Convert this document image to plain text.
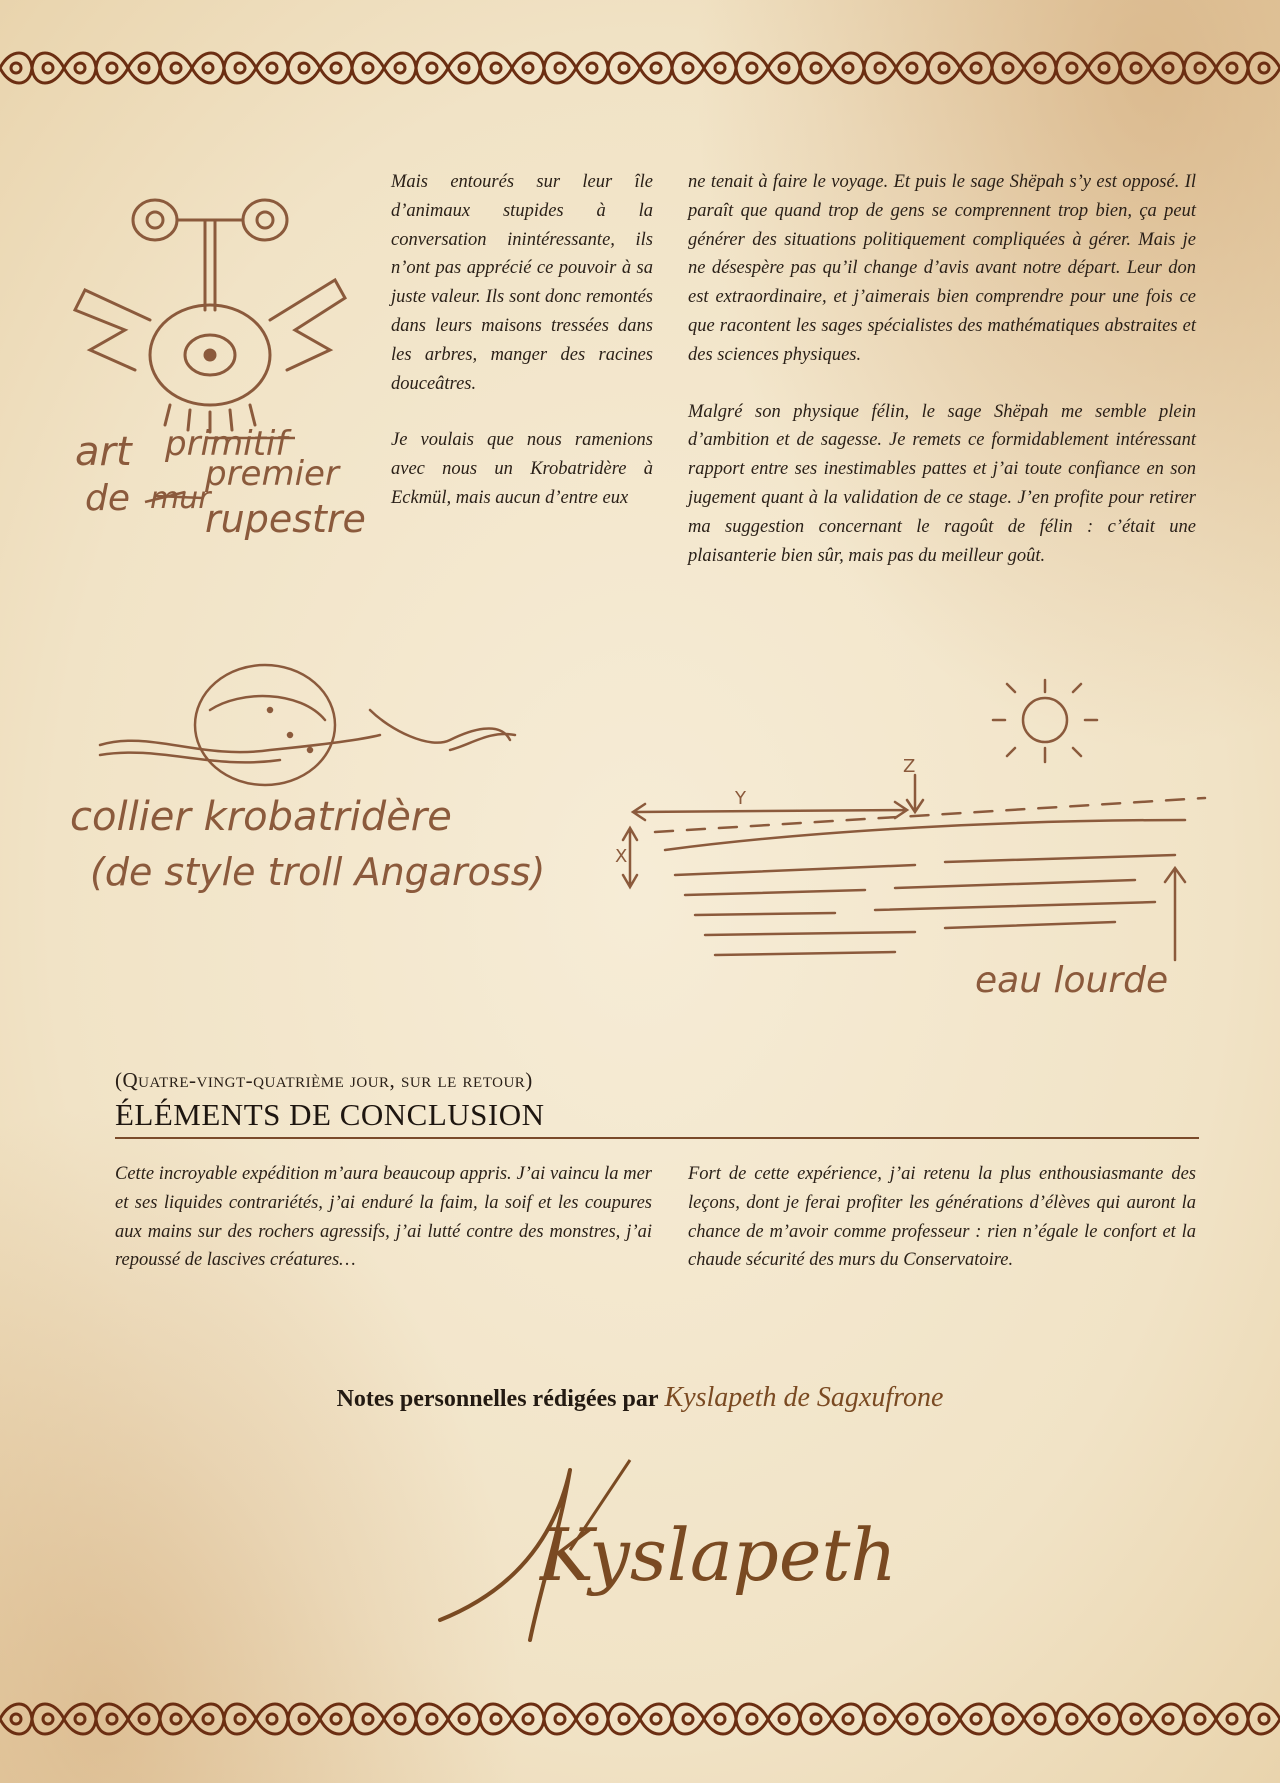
Mais entourés sur leur île d’animaux stupides à la conversation inintéressante, ils n’ont pas apprécié ce pouvoir à sa juste valeur. Ils sont donc remontés dans leurs maisons tressées dans les arbres, manger des racines douceâtres.

Je voulais que nous ramenions avec nous un Krobatridère à Eckmül, mais aucun d’entre eux

ne tenait à faire le voyage. Et puis le sage Shëpah s’y est opposé. Il paraît que quand trop de gens se comprennent trop bien, ça peut générer des situations politiquement compliquées à gérer. Mais je ne désespère pas qu’il change d’avis avant notre départ. Leur don est extraordinaire, et j’aimerais bien comprendre pour une fois ce que racontent les sages spécialistes des mathématiques abstraites et des sciences physiques.

Malgré son physique félin, le sage Shëpah me semble plein d’ambition et de sagesse. Je remets ce formidablement intéressant rapport entre ses inestimables pattes et j’ai toute confiance en son jugement quant à la validation de ce stage. J’en profite pour retirer ma suggestion concernant le ragoût de félin : c’était une plaisanterie bien sûr, mais pas du meilleur goût.

art primitif
premier
de mur
rupestre
collier krobatridère
(de style troll Angaross)
Z
Y
X
eau lourde
(Quatre-vingt-quatrième jour, sur le retour)
ÉLÉMENTS DE CONCLUSION

Cette incroyable expédition m’aura beaucoup appris. J’ai vaincu la mer et ses liquides contrariétés, j’ai enduré la faim, la soif et les coupures aux mains sur des rochers agressifs, j’ai lutté contre des monstres, j’ai repoussé de lascives créatures…

Fort de cette expérience, j’ai retenu la plus enthousiasmante des leçons, dont je ferai profiter les générations d’élèves qui auront la chance de m’avoir comme professeur : rien n’égale le confort et la chaude sécurité des murs du Conservatoire.

Notes personnelles rédigées par Kyslapeth de Sagxufrone
Kyslapeth
